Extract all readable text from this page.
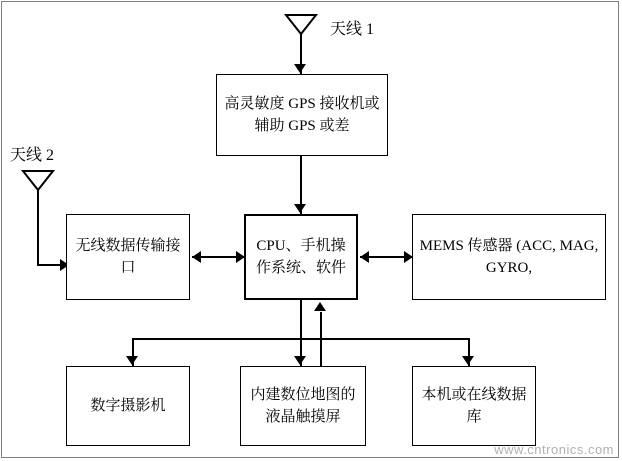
天线 1
高灵敏度 GPS 接收机或辅助 GPS 或差
天线 2
无线数据传输接口
CPU、手机操作系统、软件
MEMS 传感器 (ACC, MAG, GYRO,
数字摄影机
内建数位地图的液晶触摸屏
本机或在线数据库
www.cntronics.com
